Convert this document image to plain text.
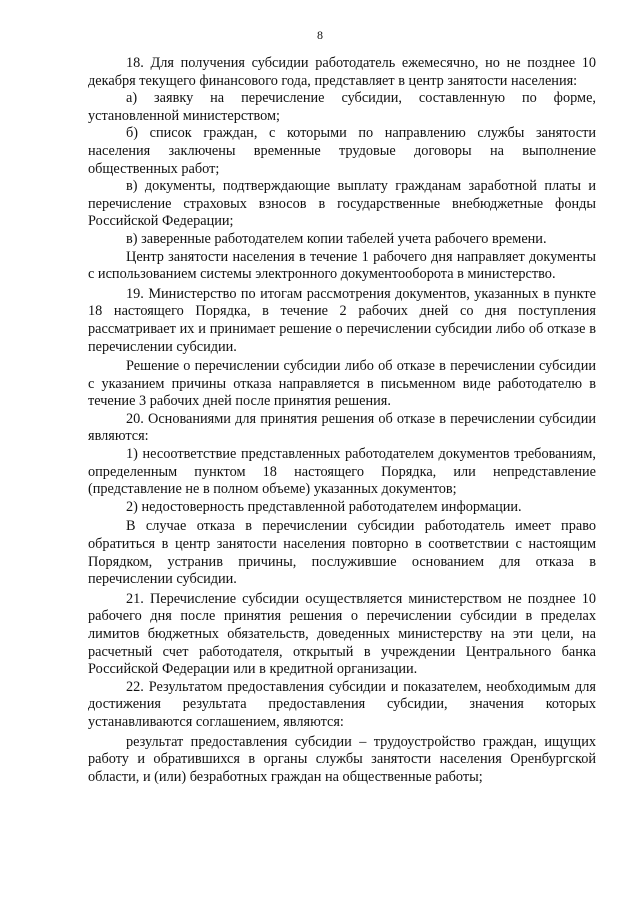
8

18. Для получения субсидии работодатель ежемесячно, но не позднее 10 декабря текущего финансового года, представляет в центр занятости населения:

а) заявку на перечисление субсидии, составленную по форме, установленной министерством;

б) список граждан, с которыми по направлению службы занятости населения заключены временные трудовые договоры на выполнение общественных работ;

в) документы, подтверждающие выплату гражданам заработной платы и перечисление страховых взносов в государственные внебюджетные фонды Российской Федерации;

в) заверенные работодателем копии табелей учета рабочего времени.

Центр занятости населения в течение 1 рабочего дня направляет документы с использованием системы электронного документооборота в министерство.

19. Министерство по итогам рассмотрения документов, указанных в пункте 18 настоящего Порядка, в течение 2 рабочих дней со дня поступления рассматривает их и принимает решение о перечислении субсидии либо об отказе в перечислении субсидии.

Решение о перечислении субсидии либо об отказе в перечислении субсидии с указанием причины отказа направляется в письменном виде работодателю в течение 3 рабочих дней после принятия решения.

20. Основаниями для принятия решения об отказе в перечислении субсидии являются:

1) несоответствие представленных работодателем документов требованиям, определенным пунктом 18 настоящего Порядка, или непредставление (представление не в полном объеме) указанных документов;

2) недостоверность представленной работодателем информации.

В случае отказа в перечислении субсидии работодатель имеет право обратиться в центр занятости населения повторно в соответствии с настоящим Порядком, устранив причины, послужившие основанием для отказа в перечислении субсидии.

21. Перечисление субсидии осуществляется министерством не позднее 10 рабочего дня после принятия решения о перечислении субсидии в пределах лимитов бюджетных обязательств, доведенных министерству на эти цели, на расчетный счет работодателя, открытый в учреждении Центрального банка Российской Федерации или в кредитной организации.

22. Результатом предоставления субсидии и показателем, необходимым для достижения результата предоставления субсидии, значения которых устанавливаются соглашением, являются:

результат предоставления субсидии – трудоустройство граждан, ищущих работу и обратившихся в органы службы занятости населения Оренбургской области, и (или) безработных граждан на общественные работы;
